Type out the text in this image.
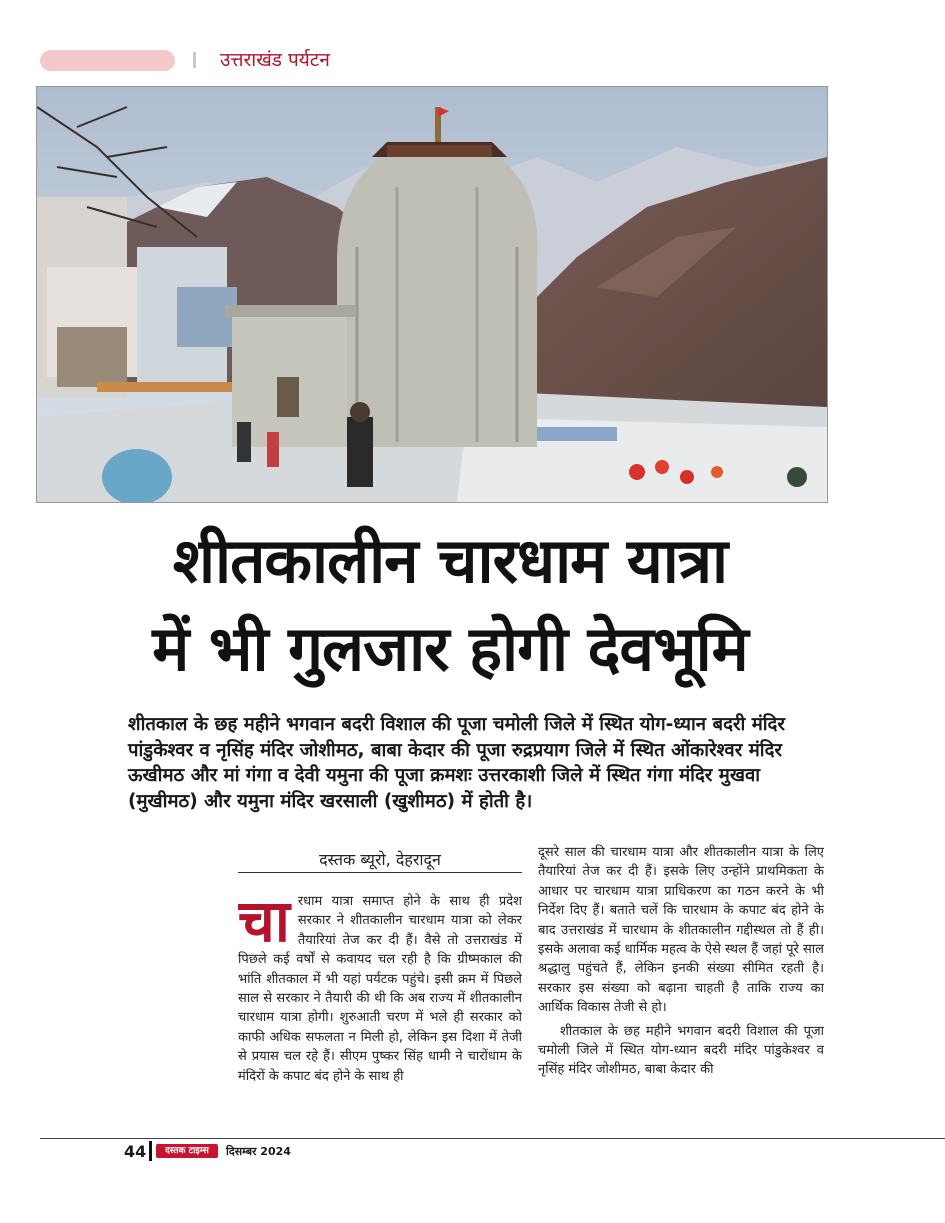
उत्तराखंड पर्यटन
शीतकालीन चारधाम यात्रा
में भी गुलजार होगी देवभूमि
शीतकाल के छह महीने भगवान बदरी विशाल की पूजा चमोली जिले में स्थित योग-ध्यान बदरी मंदिर पांडुकेश्वर व नृसिंह मंदिर जोशीमठ, बाबा केदार की पूजा रुद्रप्रयाग जिले में स्थित ओंकारेश्वर मंदिर ऊखीमठ और मां गंगा व देवी यमुना की पूजा क्रमशः उत्तरकाशी जिले में स्थित गंगा मंदिर मुखवा (मुखीमठ) और यमुना मंदिर खरसाली (खुशीमठ) में होती है।
दस्तक ब्यूरो, देहरादून
चा रधाम यात्रा समाप्त होने के साथ ही प्रदेश सरकार ने शीतकालीन चारधाम यात्रा को लेकर तैयारियां तेज कर दी हैं। वैसे तो उत्तराखंड में पिछले कई वर्षों से कवायद चल रही है कि ग्रीष्मकाल की भांति शीतकाल में भी यहां पर्यटक पहुंचे। इसी क्रम में पिछले साल से सरकार ने तैयारी की थी कि अब राज्य में शीतकालीन चारधाम यात्रा होगी। शुरुआती चरण में भले ही सरकार को काफी अधिक सफलता न मिली हो, लेकिन इस दिशा में तेजी से प्रयास चल रहे हैं। सीएम पुष्कर सिंह धामी ने चारोंधाम के मंदिरों के कपाट बंद होने के साथ ही

दूसरे साल की चारधाम यात्रा और शीतकालीन यात्रा के लिए तैयारियां तेज कर दी हैं। इसके लिए उन्होंने प्राथमिकता के आधार पर चारधाम यात्रा प्राधिकरण का गठन करने के भी निर्देश दिए हैं। बताते चलें कि चारधाम के कपाट बंद होने के बाद उत्तराखंड में चारधाम के शीतकालीन गद्दीस्थल तो हैं ही। इसके अलावा कई धार्मिक महत्व के ऐसे स्थल हैं जहां पूरे साल श्रद्धालु पहुंचते हैं, लेकिन इनकी संख्या सीमित रहती है। सरकार इस संख्या को बढ़ाना चाहती है ताकि राज्य का आर्थिक विकास तेजी से हो।

शीतकाल के छह महीने भगवान बदरी विशाल की पूजा चमोली जिले में स्थित योग-ध्यान बदरी मंदिर पांडुकेश्वर व नृसिंह मंदिर जोशीमठ, बाबा केदार की

44	दस्तक टाइम्स	दिसम्बर 2024
